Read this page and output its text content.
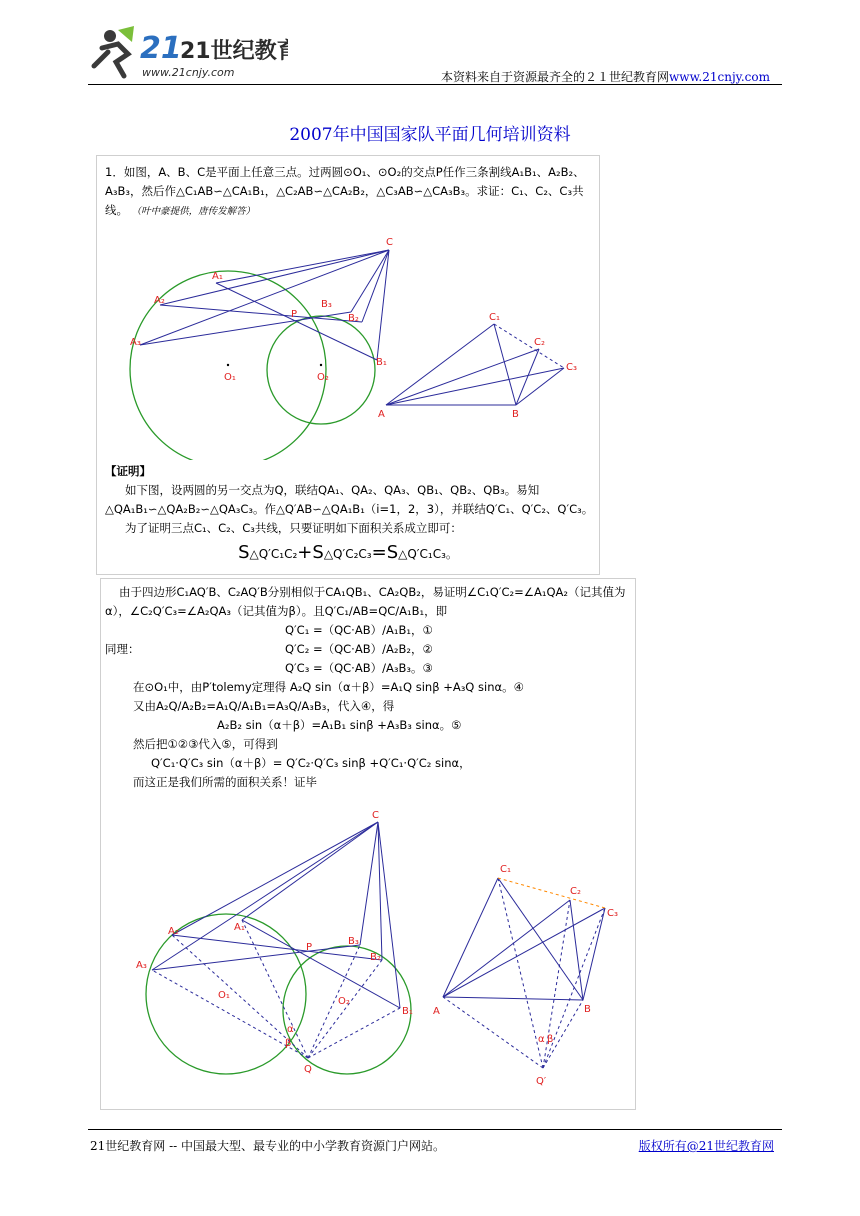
21
21世纪教育
www.21cnjy.com	本资料来自于资源最齐全的２１世纪教育网www.21cnjy.com
2007年中国国家队平面几何培训资料
1．如图，A、B、C是平面上任意三点。过两圆⊙O₁、⊙O₂的交点P任作三条割线A₁B₁、A₂B₂、A₃B₃，然后作△C₁AB∽△CA₁B₁，△C₂AB∽△CA₂B₂，△C₃AB∽△CA₃B₃。求证：C₁、C₂、C₃共线。 （叶中豪提供，唐传发解答）
A₁
A₂
A₃
B₃
B₂
B₁
C
P
O₁	O₂
A	B
C₁
C₂
C₃
【证明】
如下图，设两圆的另一交点为Q，联结QA₁、QA₂、QA₃、QB₁、QB₂、QB₃。易知△QA₁B₁∽△QA₂B₂∽△QA₃C₃。作△Q′AB∽△QA₁B₁（i=1，2，3），并联结Q′C₁、Q′C₂、Q′C₃。
为了证明三点C₁、C₂、C₃共线，只要证明如下面积关系成立即可：
S△Q′C₁C₂+S△Q′C₂C₃=S△Q′C₁C₃。
由于四边形C₁AQ′B、C₂AQ′B分别相似于CA₁QB₁、CA₂QB₂，易证明∠C₁Q′C₂=∠A₁QA₂（记其值为α），∠C₂Q′C₃=∠A₂QA₃（记其值为β）。且Q′C₁/AB=QC/A₁B₁，即
Q′C₁ =（QC·AB）/A₁B₁，①
同理：	Q′C₂ =（QC·AB）/A₂B₂，②
Q′C₃ =（QC·AB）/A₃B₃。③
在⊙O₁中，由P′tolemy定理得 A₂Q sin（α＋β）=A₁Q sinβ +A₃Q sinα。④
又由A₂Q/A₂B₂=A₁Q/A₁B₁=A₃Q/A₃B₃，代入④，得
A₂B₂ sin（α＋β）=A₁B₁ sinβ +A₃B₃ sinα。⑤
然后把①②③代入⑤，可得到
Q′C₁·Q′C₃ sin（α＋β）= Q′C₂·Q′C₃ sinβ +Q′C₁·Q′C₂ sinα，
而这正是我们所需的面积关系！证毕
C
A₂	A₁
A₃
P
B₃
B₂
B₁
O₁
O₂
Q
α
β
A	B
C₁
C₂
C₃
Q′
α β
21世纪教育网 -- 中国最大型、最专业的中小学教育资源门户网站。	版权所有@21世纪教育网
